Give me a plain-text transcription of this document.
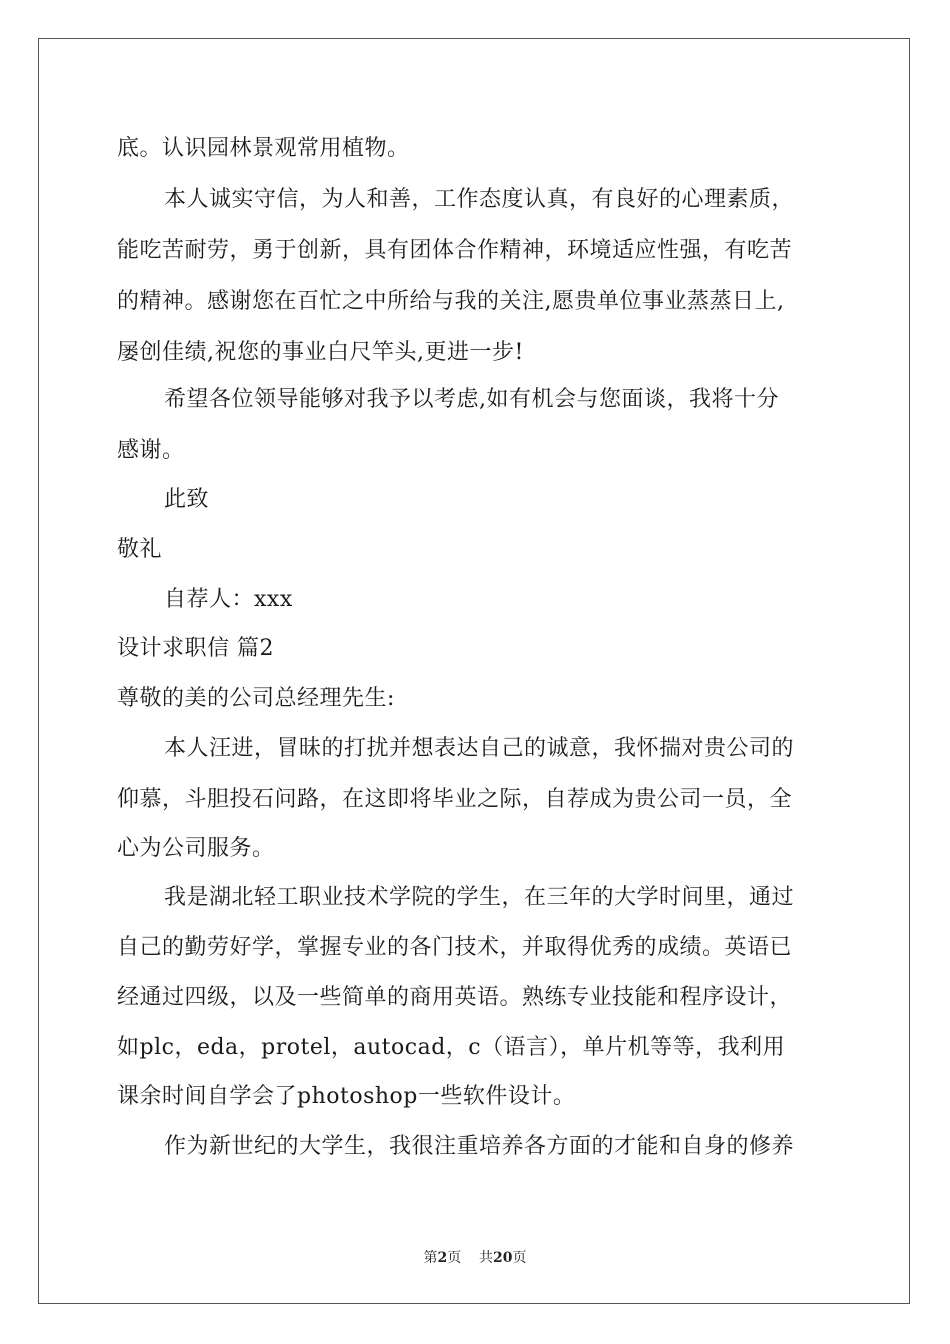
底。认识园林景观常用植物。
本人诚实守信，为人和善，工作态度认真，有良好的心理素质，
能吃苦耐劳，勇于创新，具有团体合作精神，环境适应性强，有吃苦
的精神。感谢您在百忙之中所给与我的关注,愿贵单位事业蒸蒸日上,
屡创佳绩,祝您的事业白尺竿头,更进一步!
希望各位领导能够对我予以考虑,如有机会与您面谈，我将十分
感谢。
此致
敬礼
自荐人：xxx
设计求职信 篇2
尊敬的美的公司总经理先生:
本人汪进，冒昧的打扰并想表达自己的诚意，我怀揣对贵公司的
仰慕，斗胆投石问路，在这即将毕业之际，自荐成为贵公司一员，全
心为公司服务。
我是湖北轻工职业技术学院的学生，在三年的大学时间里，通过
自己的勤劳好学，掌握专业的各门技术，并取得优秀的成绩。英语已
经通过四级，以及一些简单的商用英语。熟练专业技能和程序设计，
如plc，eda，protel，autocad，c（语言），单片机等等，我利用
课余时间自学会了photoshop一些软件设计。
作为新世纪的大学生，我很注重培养各方面的才能和自身的修养
第2页 共20页
